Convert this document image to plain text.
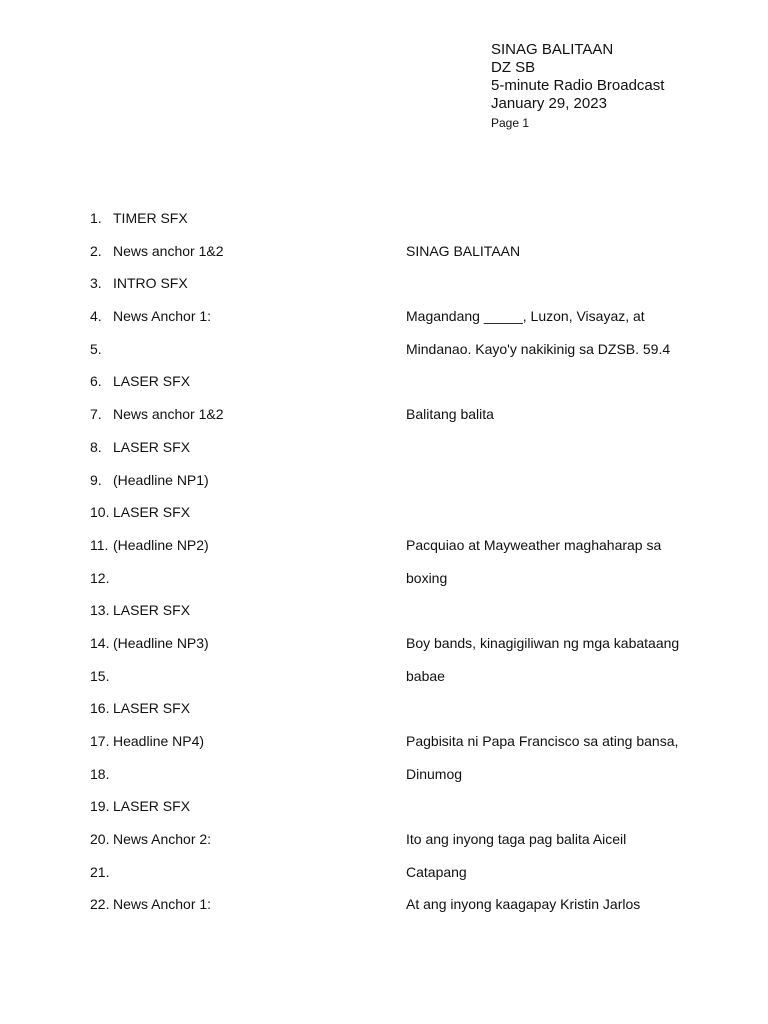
SINAG BALITAAN
DZ SB
5-minute Radio Broadcast
January 29, 2023
Page 1
1. TIMER SFX
2. News anchor 1&2	SINAG BALITAAN
3. INTRO SFX
4. News Anchor 1:	Magandang _____, Luzon, Visayaz, at
5.	Mindanao. Kayo'y nakikinig sa DZSB. 59.4
6. LASER SFX
7. News anchor 1&2	Balitang balita
8. LASER SFX
9. (Headline NP1)
10. LASER SFX
11. (Headline NP2)	Pacquiao at Mayweather maghaharap sa
12.	boxing
13. LASER SFX
14. (Headline NP3)	Boy bands, kinagigiliwan ng mga kabataang
15.	babae
16. LASER SFX
17. Headline NP4)	Pagbisita ni Papa Francisco sa ating bansa,
18.	Dinumog
19. LASER SFX
20. News Anchor 2:	Ito ang inyong taga pag balita Aiceil
21.	Catapang
22. News Anchor 1:	At ang inyong kaagapay Kristin Jarlos
